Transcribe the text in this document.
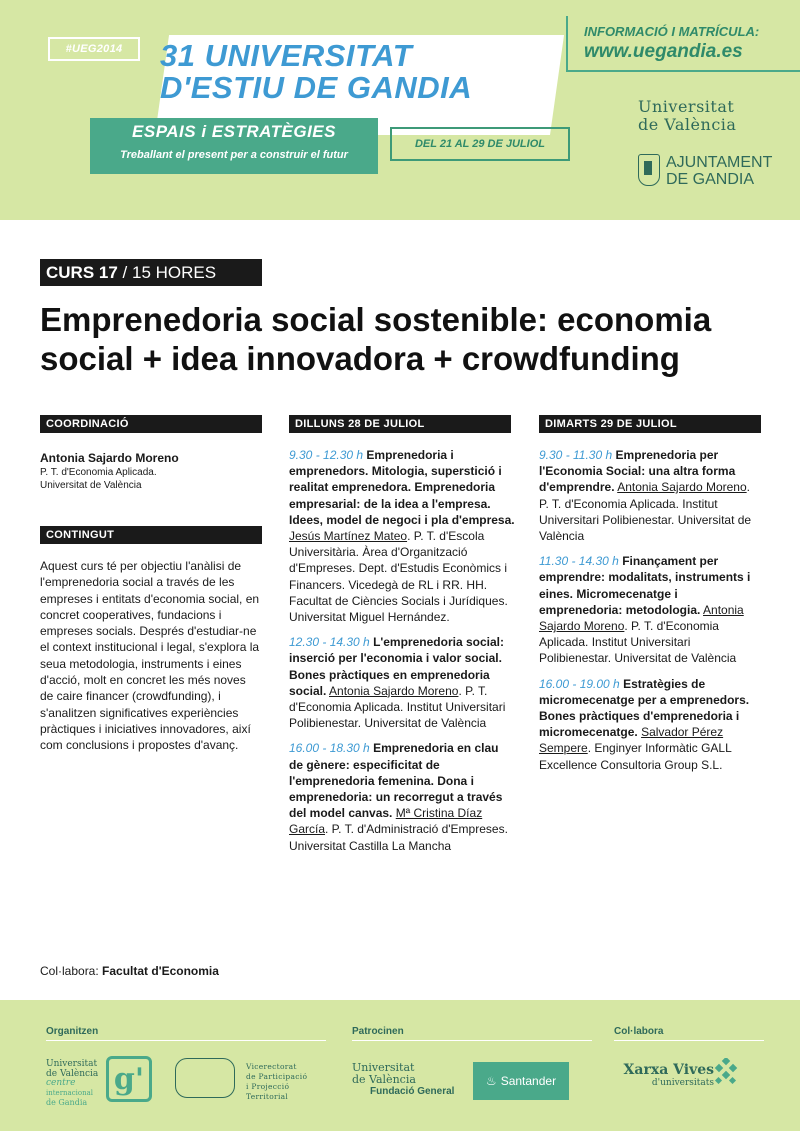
#UEG2014	31 UNIVERSITAT
D'ESTIU DE GANDIA
ESPAIS i ESTRATÈGIES
Treballant el present per a construir el futur
DEL 21 AL 29 DE JULIOL
INFORMACIÓ I MATRÍCULA:
www.uegandia.es
Universitat
de València
AJUNTAMENT
DE GANDIA
CURS 17
/ 15 HORES
Emprenedoria social sostenible: economia social + idea innovadora + crowdfunding
COORDINACIÓ
Antonia Sajardo Moreno
P. T. d'Economia Aplicada.
Universitat de València
CONTINGUT
Aquest curs té per objectiu l'anàlisi de l'emprenedoria social a través de les empreses i entitats d'economia social, en concret cooperatives, fundacions i empreses socials. Després d'estudiar-ne el context institucional i legal, s'explora la seua metodologia, instruments i eines d'acció, molt en concret les més noves de caire financer (crowdfunding), i s'analitzen significatives experiències pràctiques i iniciatives innovadores, així com conclusions i propostes d'avanç.
DILLUNS 28 DE JULIOL

9.30 - 12.30 h Emprenedoria i emprenedors. Mitologia, superstició i realitat emprenedora. Emprenedoria empresarial: de la idea a l'empresa. Idees, model de negoci i pla d'empresa. Jesús Martínez Mateo. P. T. d'Escola Universitària. Àrea d'Organització d'Empreses. Dept. d'Estudis Econòmics i Financers. Vicedegà de RL i RR. HH. Facultat de Ciències Socials i Jurídiques. Universitat Miguel Hernández.

12.30 - 14.30 h L'emprenedoria social: inserció per l'economia i valor social. Bones pràctiques en emprenedoria social. Antonia Sajardo Moreno. P. T. d'Economia Aplicada. Institut Universitari Polibienestar. Universitat de València

16.00 - 18.30 h Emprenedoria en clau de gènere: especificitat de l'emprenedoria femenina. Dona i emprenedoria: un recorregut a través del model canvas. Mª Cristina Díaz García. P. T. d'Administració d'Empreses. Universitat Castilla La Mancha

DIMARTS 29 DE JULIOL

9.30 - 11.30 h Emprenedoria per l'Economia Social: una altra forma d'emprendre. Antonia Sajardo Moreno. P. T. d'Economia Aplicada. Institut Universitari Polibienestar. Universitat de València

11.30 - 14.30 h Finançament per emprendre: modalitats, instruments i eines. Micromecenatge i emprenedoria: metodologia. Antonia Sajardo Moreno. P. T. d'Economia Aplicada. Institut Universitari Polibienestar. Universitat de València

16.00 - 19.00 h Estratègies de micromecenatge per a emprenedors. Bones pràctiques d'emprenedoria i micromecenatge. Salvador Pérez Sempere. Enginyer Informàtic GALL Excellence Consultoria Group S.L.

Col·labora: Facultat d'Economia
Organitzen	Patrocinen	Col·labora
Universitat
de València
centre
internacional
de Gandia
g'	Vicerectorat
de Participació
i Projecció
Territorial
Universitat
de València
Fundació General
♨ Santander
Xarxa Vives
d'universitats
